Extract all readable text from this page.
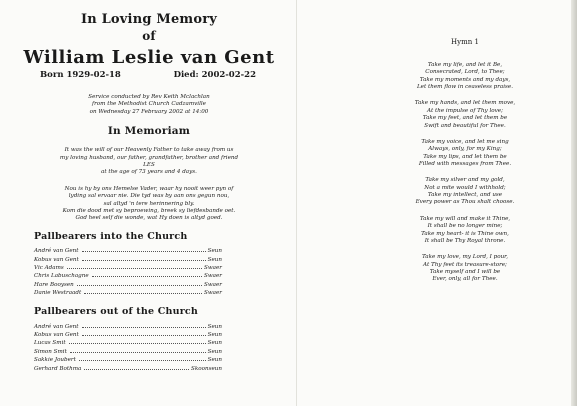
In Loving Memory
of
William Leslie van Gent
Born 1929-02-18	Died: 2002-02-22
Service conducted by Rev Keith Mclachlan
from the Methodist Church Cadzamville
on Wednesday 27 February 2002 at 14:00
In Memoriam
It was the will of our Heavenly Father to take away from us
my loving husband, our father, grandfather, brother and friend
LES
at the age of 73 years and 4 days.
Nou is hy by ons Hemelse Vader, waar hy nooit weer pyn of
lyding sal ervaar nie. Die tyd was by aan ons gegun nou,
sal altyd 'n tere herinnering bly.
Kom die dood met sy beproewing, breek sy liefdesbande oet.
God heel self die wonde, wat Hy doen is altyd goed.
Pallbearers into the Church
André van Gent	Seun
Kobus van Gent	Seun
Vic Adams	Swaer
Chris Labuschagne	Swaer
Hare Booysen	Swaer
Danie Westraadt	Swaer
Pallbearers out of the Church
André van Gent	Seun
Kobus van Gent	Seun
Lucas Smit	Seun
Simon Smit	Seun
Sakkie Joubert	Seun
Gerhard Bothma	Skoonseun
Hymn 1
Take my life, and let it Be,
Consecrated, Lord, to Thee;
Take my moments and my days,
Let them flow in ceaseless praise.
Take my hands, and let them move,
At the impulse of Thy love;
Take my feet, and let them be
Swift and beautiful for Thee.
Take my voice, and let me sing
Always, only, for my King;
Take my lips, and let them be
Filled with messages from Thee.
Take my silver and my gold,
Not a mite would I withhold;
Take my intellect, and use
Every power as Thou shalt choose.
Take my will and make it Thine,
It shall be no longer mine;
Take my heart- it is Thine own,
It shall be Thy Royal throne.
Take my love, my Lord, I pour,
At Thy feet its treasure-store;
Take myself and I will be
Ever, only, all for Thee.
